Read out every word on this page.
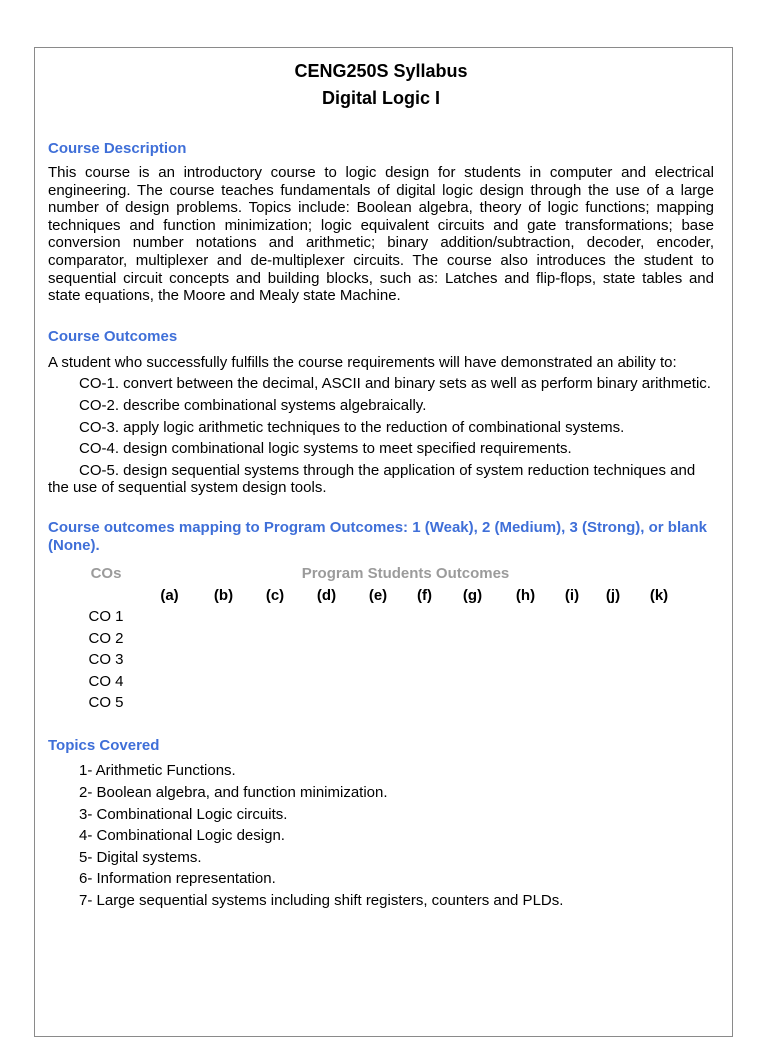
CENG250S Syllabus
Digital Logic I
Course Description

This course is an introductory course to logic design for students in computer and electrical engineering. The course teaches fundamentals of digital logic design through the use of a large number of design problems. Topics include: Boolean algebra, theory of logic functions; mapping techniques and function minimization; logic equivalent circuits and gate transformations; base conversion number notations and arithmetic; binary addition/subtraction, decoder, encoder, comparator, multiplexer and de-multiplexer circuits. The course also introduces the student to sequential circuit concepts and building blocks, such as: Latches and flip-flops, state tables and state equations, the Moore and Mealy state Machine.

Course Outcomes

A student who successfully fulfills the course requirements will have demonstrated an ability to:

CO-1. convert between the decimal, ASCII and binary sets as well as perform binary arithmetic.

CO-2. describe combinational systems algebraically.

CO-3. apply logic arithmetic techniques to the reduction of combinational systems.

CO-4. design combinational logic systems to meet specified requirements.

CO-5. design sequential systems through the application of system reduction techniques and the use of sequential system design tools.

Course outcomes mapping to Program Outcomes: 1 (Weak), 2 (Medium), 3 (Strong), or blank (None).
COs	Program Students Outcomes										
	(a)	(b)	(c)	(d)	(e)	(f)	(g)	(h)	(i)	(j)	(k)
CO 1											
CO 2											
CO 3											
CO 4											
CO 5											
Topics Covered

1- Arithmetic Functions.

2- Boolean algebra, and function minimization.

3- Combinational Logic circuits.

4- Combinational Logic design.

5- Digital systems.

6- Information representation.

7- Large sequential systems including shift registers, counters and PLDs.
